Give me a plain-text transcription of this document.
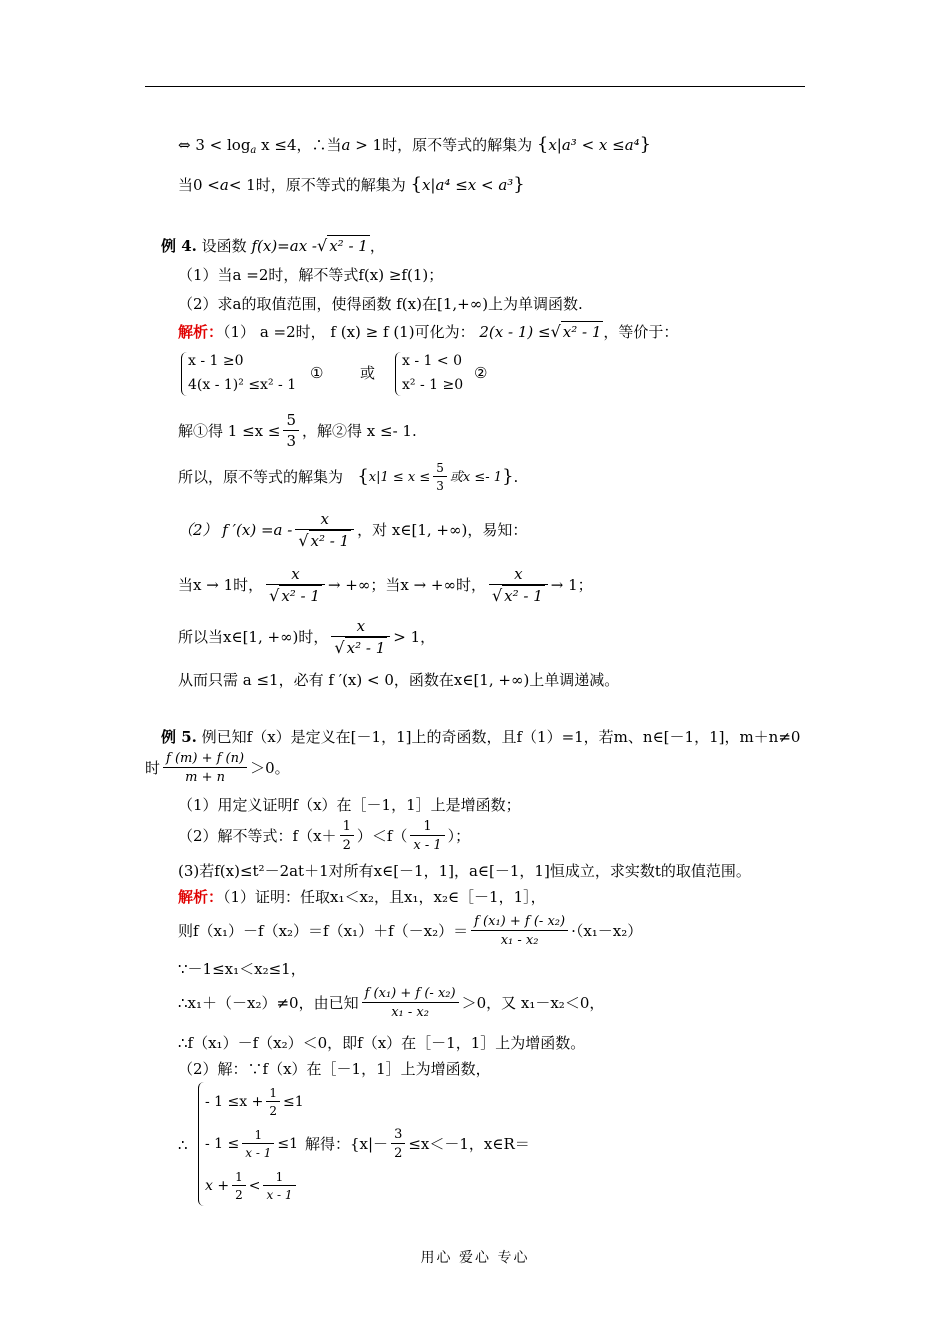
⇔ $3 < \log_a x \le 4$，∴当a > 1时，原不等式的解集为 {x|a³ < x ≤a⁴}
当0 <a< 1时，原不等式的解集为 {x|a⁴ ≤x < a³}
例 4. 设函数 f(x)=ax -√ x² - 1 ，
（1）当a =2时，解不等式f(x) ≥f(1)；
（2）求a的取值范围，使得函数 f(x)在[1,+∞)上为单调函数.
解析：（1） a =2时， f (x) ≥ f (1)可化为： 2(x - 1) ≤√ x² - 1 ，等价于：
x - 1 ≥0
4(x - 1)² ≤x² - 1
① 或
x - 1 < 0
x² - 1 ≥0
②
解①得 $1 \le x \le \frac{5}{3}$ ，解②得 x ≤- 1.
所以，原不等式的解集为
{ $x|1 \le x \le \frac{5}{3}$ 或x ≤- 1 } .
（2） f $'(x) =a - \frac{x}{\text{√ x² - 1}}$ ，对 x∈[1, +∞)，易知：
当x → 1时， $\frac{x}{\text{√ x² - 1}}$ → +∞；当x → +∞时， $\frac{x}{\text{√ x² - 1}} \to 1$；
所以当x∈[1, +∞)时， $\frac{x}{\text{√ x² - 1}} > 1$，
从而只需 a ≤1，必有 f ′(x) < 0，函数在x∈[1, +∞)上单调递减。
例 5. 例已知f（x）是定义在[－1，1]上的奇函数，且f（1）=1，若m、n∈[－1，1]，m＋n≠0
时 $\frac{f (m) + f (n)}{m + n} >0$。
（1）用定义证明f（x）在［－1，1］上是增函数；
（2）解不等式：$f(x+ \frac{1}{2} )<f( \frac{1}{x - 1}$ ）；
(3)若f(x)≤t²－2at＋1对所有x∈[－1，1]，a∈[－1，1]恒成立，求实数t的取值范围。
解析：（1）证明：任取x₁＜x₂，且x₁，x₂∈［－1，1］，
则$f(x_1)-f(x_2)=f(x_1)+f(-x_2)= \frac{\text{f (x₁) + f (- x₂)}}{\text{x₁ - x₂}} \cdot(x_1-x_2)$
∵－1≤x₁＜x₂≤1，
∴x₁＋（－x₂）≠0，由已知 $\frac{\text{f (x₁) + f (- x₂)}}{\text{x₁ - x₂}} >0$，又 x₁－x₂＜0，
∴f（x₁）－f（x₂）＜0，即f（x）在［－1，1］上为增函数。
（2）解：∵f（x）在［－1，1］上为增函数，
∴
- $1 \le x + \frac{1}{2} \le 1$
- $1 \le \frac{1}{x - 1} \le 1$
$x + \frac{1}{2} < \frac{1}{x - 1}$
解得：{$x|- \frac{3}{2} \le x<-1$，x∈R＝
用心 爱心 专心
